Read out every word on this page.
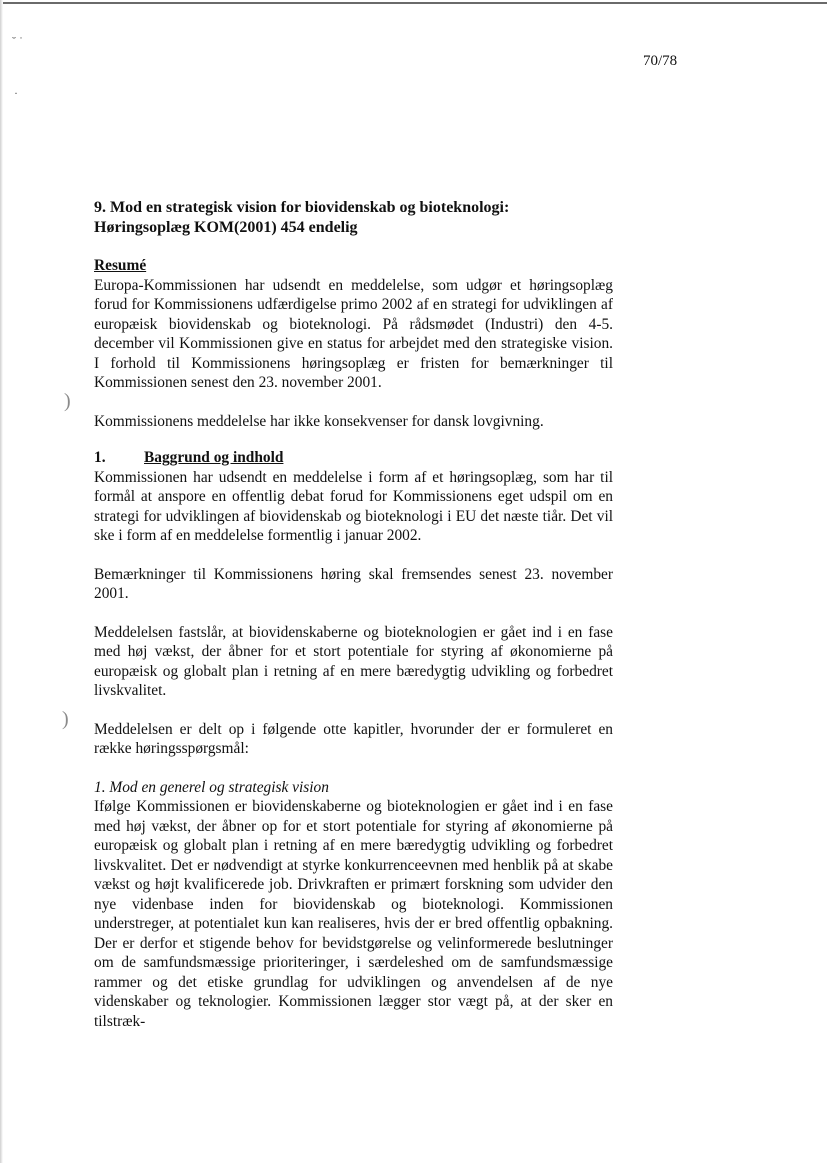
˘ ˙
·
)
)
70/78
9. Mod en strategisk vision for biovidenskab og bioteknologi:
Høringsoplæg KOM(2001) 454 endelig
Resumé

Europa-Kommissionen har udsendt en meddelelse, som udgør et høringsoplæg forud for Kommissionens udfærdigelse primo 2002 af en strategi for udviklingen af europæisk biovidenskab og bioteknologi. På rådsmødet (Industri) den 4-5. december vil Kommissionen give en status for arbejdet med den strategiske vision. I forhold til Kommissionens høringsoplæg er fristen for bemærkninger til Kommissionen senest den 23. november 2001.

Kommissionens meddelelse har ikke konsekvenser for dansk lovgivning.

1. Baggrund og indhold

Kommissionen har udsendt en meddelelse i form af et høringsoplæg, som har til formål at anspore en offentlig debat forud for Kommissionens eget udspil om en strategi for udviklingen af biovidenskab og bioteknologi i EU det næste tiår. Det vil ske i form af en meddelelse formentlig i januar 2002.

Bemærkninger til Kommissionens høring skal fremsendes senest 23. november 2001.

Meddelelsen fastslår, at biovidenskaberne og bioteknologien er gået ind i en fase med høj vækst, der åbner for et stort potentiale for styring af økonomierne på europæisk og globalt plan i retning af en mere bæredygtig udvikling og forbedret livskvalitet.

Meddelelsen er delt op i følgende otte kapitler, hvorunder der er formuleret en række høringsspørgsmål:

1. Mod en generel og strategisk vision

Ifølge Kommissionen er biovidenskaberne og bioteknologien er gået ind i en fase med høj vækst, der åbner op for et stort potentiale for styring af økonomierne på europæisk og globalt plan i retning af en mere bæredygtig udvikling og forbedret livskvalitet. Det er nødvendigt at styrke konkurrenceevnen med henblik på at skabe vækst og højt kvalificerede job. Drivkraften er primært forskning som udvider den nye videnbase inden for biovidenskab og bioteknologi. Kommissionen understreger, at potentialet kun kan realiseres, hvis der er bred offentlig opbakning. Der er derfor et stigende behov for bevidstgørelse og velinformerede beslutninger om de samfundsmæssige prioriteringer, i særdeleshed om de samfundsmæssige rammer og det etiske grundlag for udviklingen og anvendelsen af de nye videnskaber og teknologier. Kommissionen lægger stor vægt på, at der sker en tilstræk-
